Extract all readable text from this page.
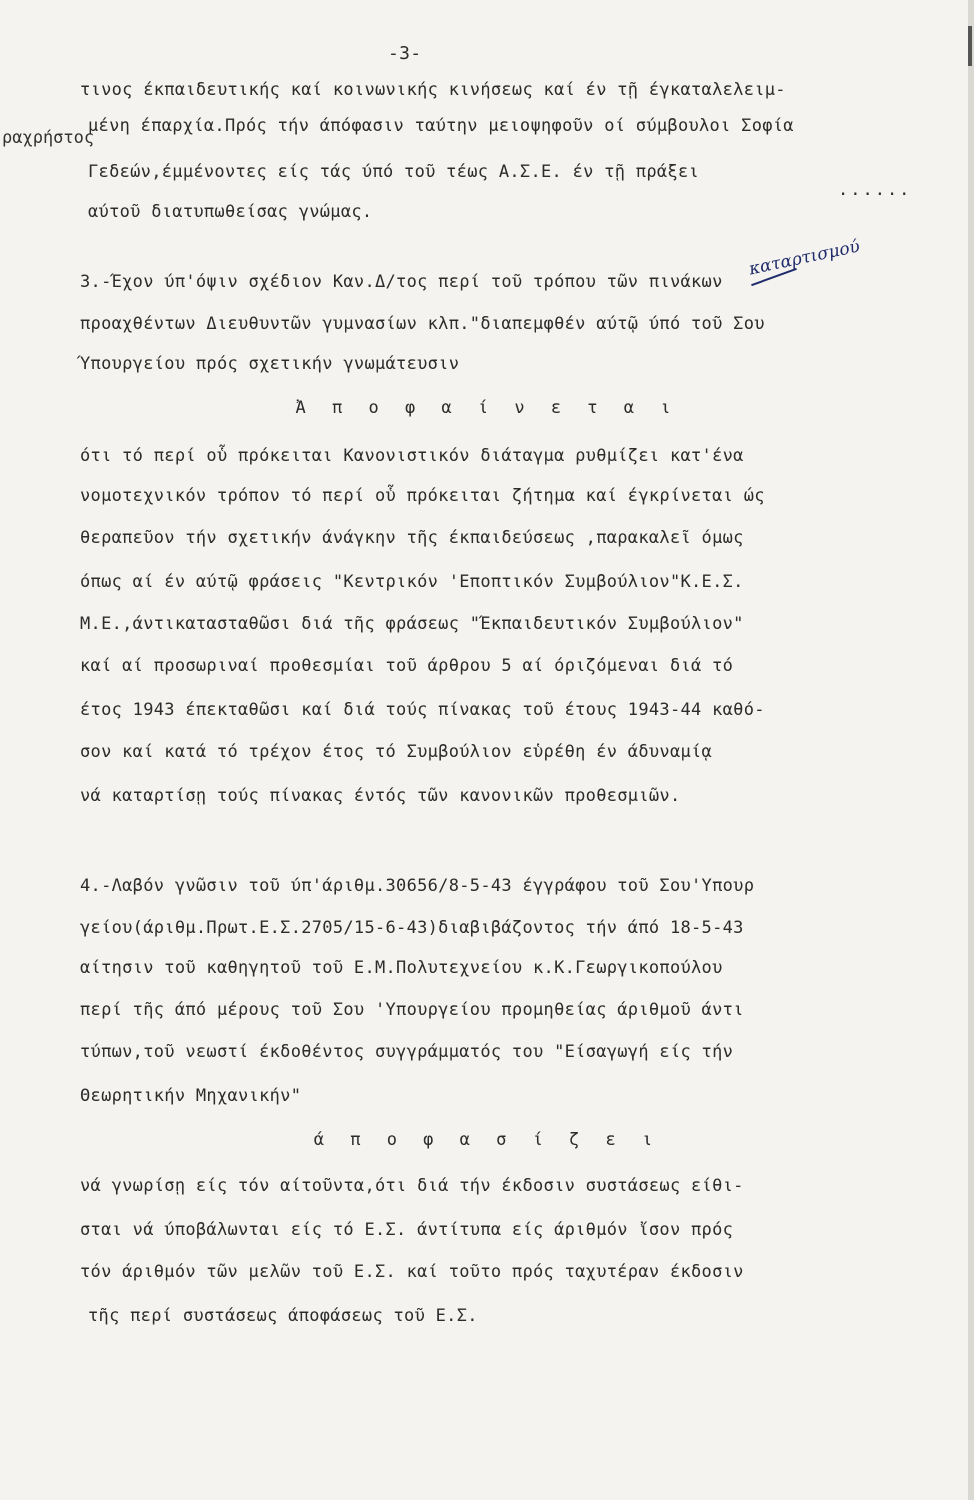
-3-
ραχρήστος
καταρτισμού
......
τινος έκπαιδευτικής καί κοινωνικής κινήσεως καί έν τῇ έγκαταλελειμ-
μένη έπαρχία.Πρός τήν άπόφασιν ταύτην μειοψηφοῦν οί σύμβουλοι Σοφία
Γεδεών,έμμένοντες είς τάς ύπό τοῦ τέως Α.Σ.Ε. έν τῇ πράξει
αύτοῦ διατυπωθείσας γνώμας.
3.-Έχον ύπ'όψιν σχέδιον Καν.Δ/τος περί τοῦ τρόπου τῶν πινάκων
προαχθέντων Διευθυντῶν γυμνασίων κλπ."διαπεμφθέν αύτῷ ύπό τοῦ Σου
Ύπουργείου πρός σχετικήν γνωμάτευσιν
Ἀ π ο φ α ί ν ε τ α ι
ότι τό περί οὗ πρόκειται Κανονιστικόν διάταγμα ρυθμίζει κατ'ένα
νομοτεχνικόν τρόπον τό περί οὗ πρόκειται ζήτημα καί έγκρίνεται ώς
θεραπεῦον τήν σχετικήν άνάγκην τῆς έκπαιδεύσεως ,παρακαλεῖ όμως
όπως αί έν αύτῷ φράσεις "Κεντρικόν 'Εποπτικόν Συμβούλιον"Κ.Ε.Σ.
Μ.Ε.,άντικατασταθῶσι διά τῆς φράσεως "Έκπαιδευτικόν Συμβούλιον"
καί αί προσωριναί προθεσμίαι τοῦ άρθρου 5 αί όριζόμεναι διά τό
έτος 1943 έπεκταθῶσι καί διά τούς πίνακας τοῦ έτους 1943-44 καθό-
σον καί κατά τό τρέχον έτος τό Συμβούλιον εὑρέθη έν άδυναμίᾳ
νά καταρτίσῃ τούς πίνακας έντός τῶν κανονικῶν προθεσμιῶν.
4.-Λαβόν γνῶσιν τοῦ ύπ'άριθμ.30656/8-5-43 έγγράφου τοῦ Σου'Υπουρ
γείου(άριθμ.Πρωτ.Ε.Σ.2705/15-6-43)διαβιβάζοντος τήν άπό 18-5-43
αίτησιν τοῦ καθηγητοῦ τοῦ Ε.Μ.Πολυτεχνείου κ.Κ.Γεωργικοπούλου
περί τῆς άπό μέρους τοῦ Σου 'Υπουργείου προμηθείας άριθμοῦ άντι
τύπων,τοῦ νεωστί έκδοθέντος συγγράμματός του "Είσαγωγή είς τήν
Θεωρητικήν Μηχανικήν"
ά π ο φ α σ ί ζ ε ι
νά γνωρίσῃ είς τόν αίτοῦντα,ότι διά τήν έκδοσιν συστάσεως είθι-
σται νά ύποβάλωνται είς τό Ε.Σ. άντίτυπα είς άριθμόν ἴσον πρός
τόν άριθμόν τῶν μελῶν τοῦ Ε.Σ. καί τοῦτο πρός ταχυτέραν έκδοσιν
τῆς περί συστάσεως άποφάσεως τοῦ Ε.Σ.
